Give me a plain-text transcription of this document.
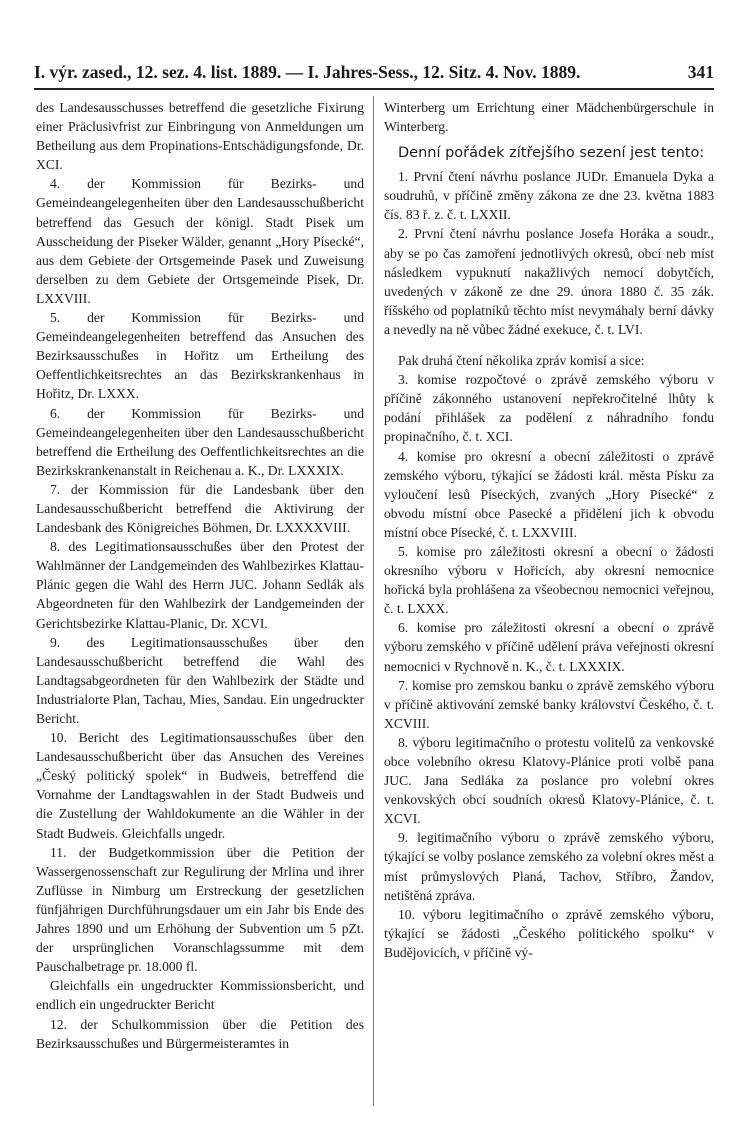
I. výr. zased., 12. sez. 4. list. 1889. — I. Jahres-Sess., 12. Sitz. 4. Nov. 1889.	341

des Landesausschusses betreffend die gesetzliche Fixirung einer Präclusivfrist zur Einbringung von Anmeldungen um Betheilung aus dem Propinations-Entschädigungsfonde, Dr. XCI.

4. der Kommission für Bezirks- und Gemeindeangelegenheiten über den Landesausschußbericht betreffend das Gesuch der königl. Stadt Pisek um Ausscheidung der Piseker Wälder, genannt „Hory Písecké“, aus dem Gebiete der Ortsgemeinde Pasek und Zuweisung derselben zu dem Gebiete der Ortsgemeinde Pisek, Dr. LXXVIII.

5. der Kommission für Bezirks- und Gemeindeangelegenheiten betreffend das Ansuchen des Bezirksausschußes in Hořitz um Ertheilung des Oeffentlichkeitsrechtes an das Bezirkskrankenhaus in Hořitz, Dr. LXXX.

6. der Kommission für Bezirks- und Gemeindeangelegenheiten über den Landesausschußbericht betreffend die Ertheilung des Oeffentlichkeitsrechtes an die Bezirkskrankenanstalt in Reichenau a. K., Dr. LXXXIX.

7. der Kommission für die Landesbank über den Landesausschußbericht betreffend die Aktivirung der Landesbank des Königreiches Böhmen, Dr. LXXXXVIII.

8. des Legitimationsausschußes über den Protest der Wahlmänner der Landgemeinden des Wahlbezirkes Klattau-Plánic gegen die Wahl des Herrn JUC. Johann Sedlák als Abgeordneten für den Wahlbezirk der Landgemeinden der Gerichtsbezirke Klattau-Planic, Dr. XCVI.

9. des Legitimationsausschußes über den Landesausschußbericht betreffend die Wahl des Landtagsabgeordneten für den Wahlbezirk der Städte und Industrialorte Plan, Tachau, Mies, Sandau. Ein ungedruckter Bericht.

10. Bericht des Legitimationsausschußes über den Landesausschußbericht über das Ansuchen des Vereines „Český politický spolek“ in Budweis, betreffend die Vornahme der Landtagswahlen in der Stadt Budweis und die Zustellung der Wahldokumente an die Wähler in der Stadt Budweis. Gleichfalls ungedr.

11. der Budgetkommission über die Petition der Wassergenossenschaft zur Regulirung der Mrlina und ihrer Zuflüsse in Nimburg um Erstreckung der gesetzlichen fünfjährigen Durchführungsdauer um ein Jahr bis Ende des Jahres 1890 und um Erhöhung der Subvention um 5 pZt. der ursprünglichen Voranschlagssumme mit dem Pauschalbetrage pr. 18.000 fl.

Gleichfalls ein ungedruckter Kommissionsbericht, und endlich ein ungedruckter Bericht

12. der Schulkommission über die Petition des Bezirksausschußes und Bürgermeisteramtes in

Winterberg um Errichtung einer Mädchenbürgerschule in Winterberg.

Denní pořádek zítřejšího sezení jest tento:

1. První čtení návrhu poslance JUDr. Emanuela Dyka a soudruhů, v příčině změny zákona ze dne 23. května 1883 čís. 83 ř. z. č. t. LXXII.

2. První čtení návrhu poslance Josefa Horáka a soudr., aby se po čas zamoření jednotlivých okresů, obcí neb míst následkem vypuknutí nakažlivých nemocí dobytčích, uvedených v zákoně ze dne 29. února 1880 č. 35 zák. říšského od poplatníků těchto míst nevymáhaly berní dávky a nevedly na ně vůbec žádné exekuce, č. t. LVI.

Pak druhá čtení několika zpráv komisí a sice:

3. komise rozpočtové o zprávě zemského výboru v příčině zákonného ustanovení nepřekročitelné lhůty k podání přihlášek za podělení z náhradního fondu propinačního, č. t. XCI.

4. komise pro okresní a obecní záležitosti o zprávě zemského výboru, týkající se žádosti král. města Písku za vyloučení lesů Píseckých, zvaných „Hory Písecké“ z obvodu místní obce Pasecké a přidělení jich k obvodu místní obce Písecké, č. t. LXXVIII.

5. komise pro záležitosti okresní a obecní o žádosti okresního výboru v Hořicích, aby okresní nemocnice hořická byla prohlášena za všeobecnou nemocnici veřejnou, č. t. LXXX.

6. komise pro záležitosti okresní a obecní o zprávě výboru zemského v příčině udělení práva veřejnosti okresní nemocnici v Rychnově n. K., č. t. LXXXIX.

7. komise pro zemskou banku o zprávě zemského výboru v příčině aktivování zemské banky království Českého, č. t. XCVIII.

8. výboru legitimačního o protestu volitelů za venkovské obce volebního okresu Klatovy-Plánice proti volbě pana JUC. Jana Sedláka za poslance pro volební okres venkovských obcí soudních okresů Klatovy-Plánice, č. t. XCVI.

9. legitimačního výboru o zprávě zemského výboru, týkající se volby poslance zemského za volební okres měst a míst průmyslových Planá, Tachov, Stříbro, Žandov, netištěná zpráva.

10. výboru legitimačního o zprávě zemského výboru, týkající se žádosti „Českého politického spolku“ v Budějovicích, v příčině vý-
